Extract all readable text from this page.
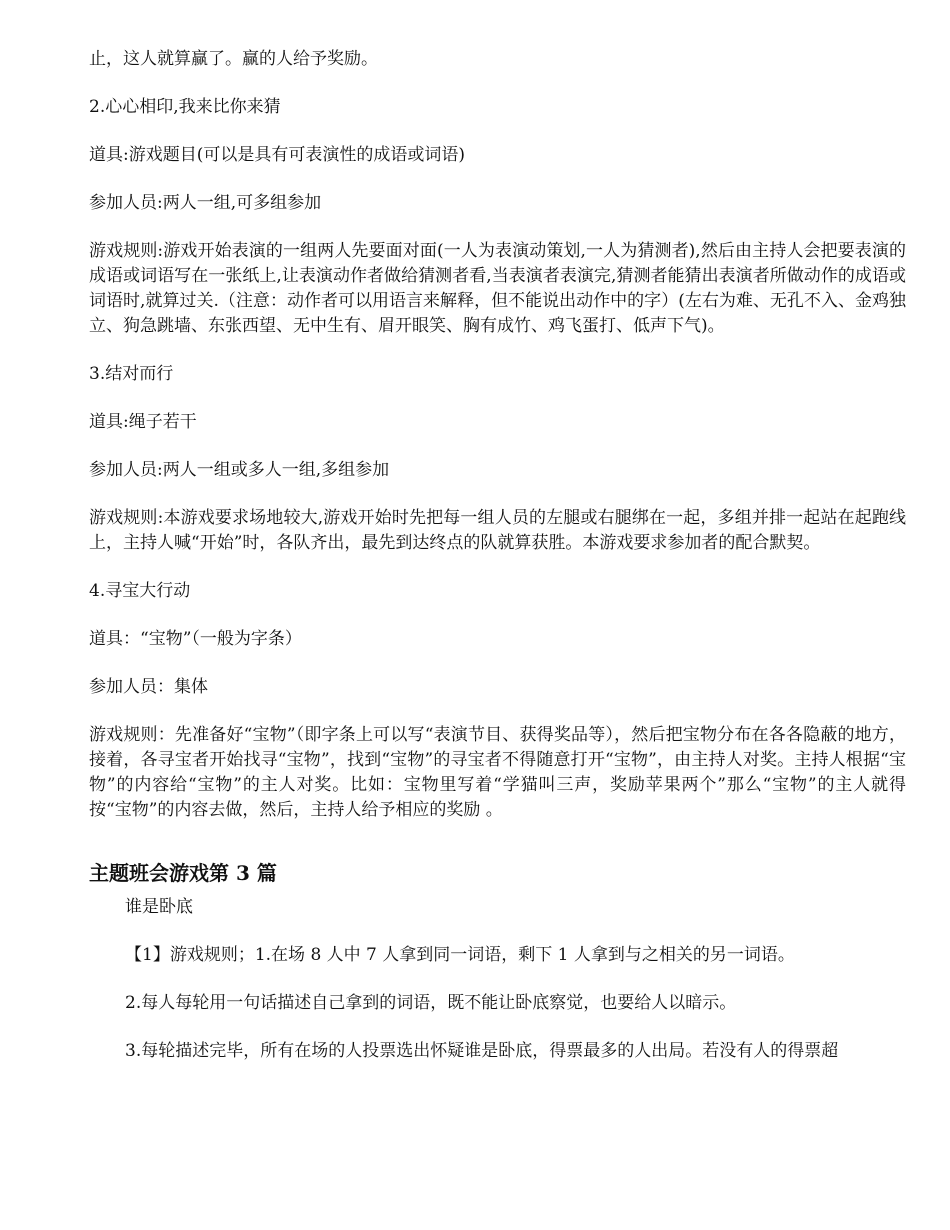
止，这人就算赢了。赢的人给予奖励。

2.心心相印,我来比你来猜

道具:游戏题目(可以是具有可表演性的成语或词语)

参加人员:两人一组,可多组参加

游戏规则:游戏开始表演的一组两人先要面对面(一人为表演动策划,一人为猜测者),然后由主持人会把要表演的成语或词语写在一张纸上,让表演动作者做给猜测者看,当表演者表演完,猜测者能猜出表演者所做动作的成语或词语时,就算过关.（注意：动作者可以用语言来解释，但不能说出动作中的字）(左右为难、无孔不入、金鸡独立、狗急跳墙、东张西望、无中生有、眉开眼笑、胸有成竹、鸡飞蛋打、低声下气)。

3.结对而行

道具:绳子若干

参加人员:两人一组或多人一组,多组参加

游戏规则:本游戏要求场地较大,游戏开始时先把每一组人员的左腿或右腿绑在一起，多组并排一起站在起跑线上，主持人喊“开始”时，各队齐出，最先到达终点的队就算获胜。本游戏要求参加者的配合默契。

4.寻宝大行动

道具：“宝物”（一般为字条）

参加人员：集体

游戏规则：先准备好“宝物”（即字条上可以写“表演节目、获得奖品等），然后把宝物分布在各各隐蔽的地方，接着，各寻宝者开始找寻“宝物”，找到“宝物”的寻宝者不得随意打开“宝物”，由主持人对奖。主持人根据“宝物”的内容给“宝物”的主人对奖。比如：宝物里写着“学猫叫三声，奖励苹果两个”那么“宝物”的主人就得按“宝物”的内容去做，然后，主持人给予相应的奖励 。

主题班会游戏第 3 篇

谁是卧底

【1】游戏规则；1.在场 8 人中 7 人拿到同一词语，剩下 1 人拿到与之相关的另一词语。

2.每人每轮用一句话描述自己拿到的词语，既不能让卧底察觉，也要给人以暗示。

3.每轮描述完毕，所有在场的人投票选出怀疑谁是卧底，得票最多的人出局。若没有人的得票超
